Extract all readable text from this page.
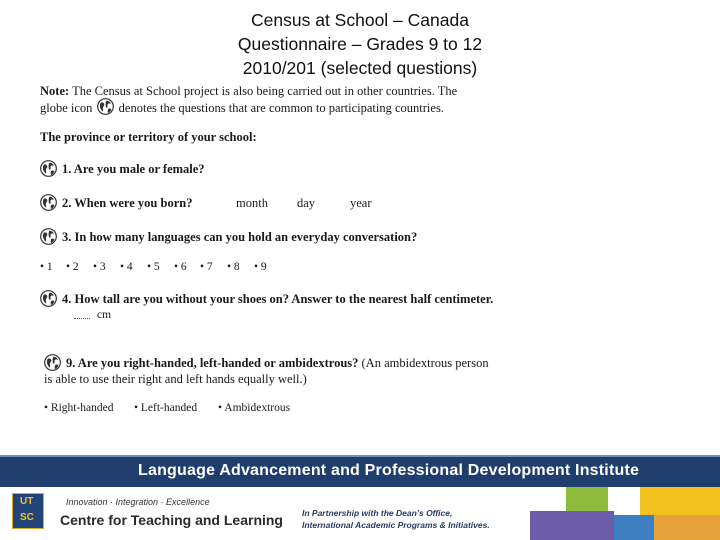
Census at School – Canada
Questionnaire – Grades 9 to 12
2010/201 (selected questions)
Note: The Census at School project is also being carried out in other countries. The
globe icon denotes the questions that are common to participating countries.
The province or territory of your school:
1. Are you male or female?
2. When were you born?	month day	year
3. In how many languages can you hold an everyday conversation?
• 1 • 2 • 3 • 4 • 5 • 6 • 7 • 8 • 9
4. How tall are you without your shoes on? Answer to the nearest half centimeter.
cm
9. Are you right-handed, left-handed or ambidextrous? (An ambidextrous person
is able to use their right and left hands equally well.)
• Right-handed • Left-handed • Ambidextrous
Language Advancement and Professional Development Institute
UT
SC
Innovation · Integration · Excellence
Centre for Teaching and Learning In Partnership with the Dean’s Office,
International Academic Programs & Initiatives.
